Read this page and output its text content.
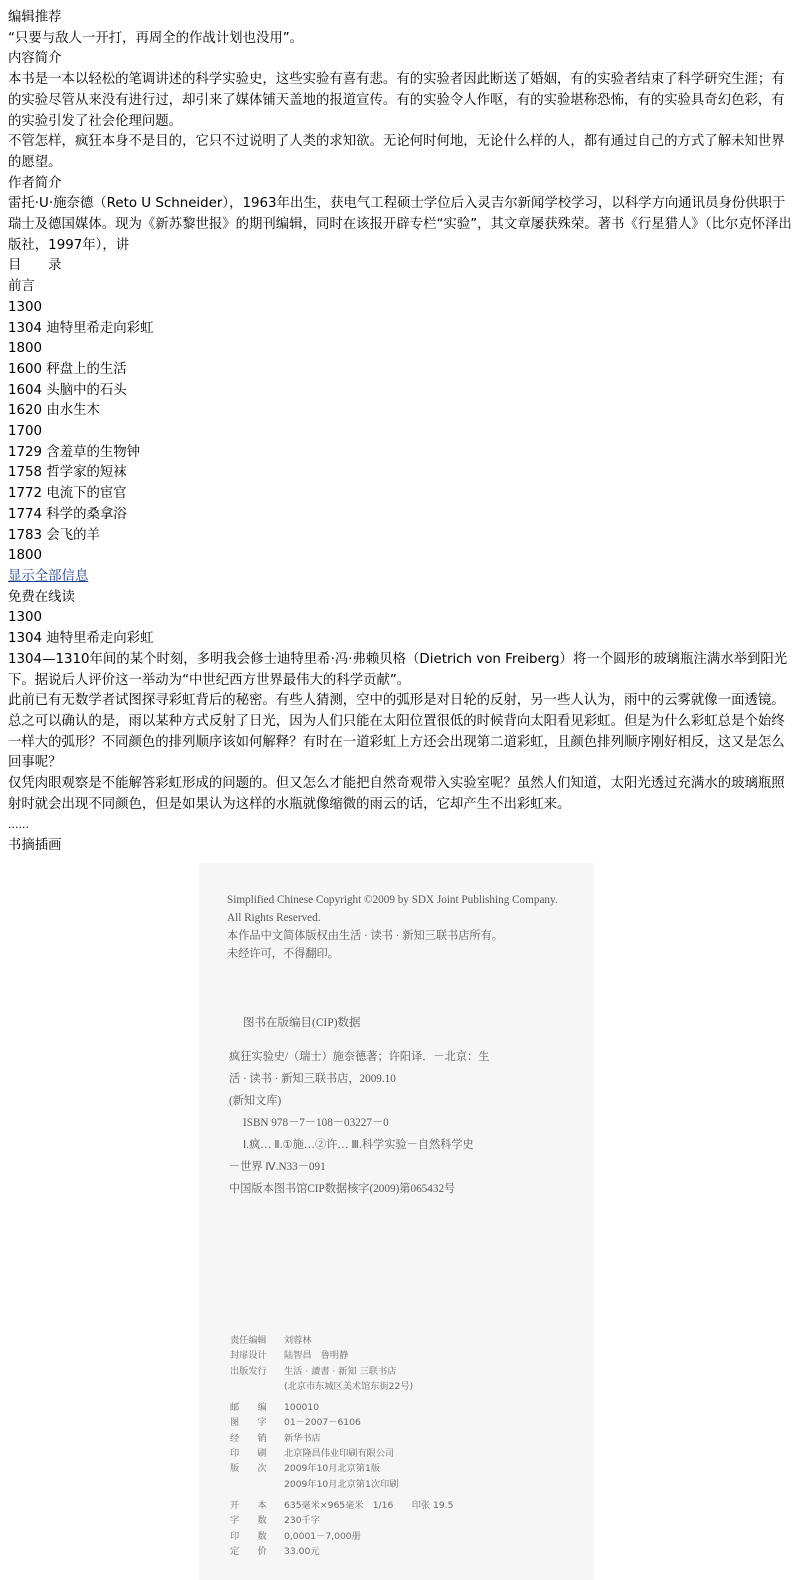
编辑推荐
“只要与敌人一开打，再周全的作战计划也没用”。
内容简介
本书是一本以轻松的笔调讲述的科学实验史，这些实验有喜有悲。有的实验者因此断送了婚姻，有的实验者结束了科学研究生涯；有的实验尽管从来没有进行过，却引来了媒体铺天盖地的报道宣传。有的实验令人作呕，有的实验堪称恐怖，有的实验具奇幻色彩，有的实验引发了社会伦理问题。
不管怎样，疯狂本身不是目的，它只不过说明了人类的求知欲。无论何时何地，无论什么样的人，都有通过自己的方式了解未知世界的愿望。
作者简介
雷托·U·施奈德（Reto U Schneider），1963年出生，获电气工程硕士学位后入灵吉尔新闻学校学习，以科学方向通讯员身份供职于瑞士及德国媒体。现为《新苏黎世报》的期刊编辑，同时在该报开辟专栏“实验”，其文章屡获殊荣。著书《行星猎人》（比尔克怀泽出版社，1997年），讲
目　　录
前言
1300
1304 迪特里希走向彩虹
1800
1600 秤盘上的生活
1604 头脑中的石头
1620 由水生木
1700
1729 含羞草的生物钟
1758 哲学家的短袜
1772 电流下的宦官
1774 科学的桑拿浴
1783 会飞的羊
1800
显示全部信息
免费在线读
1300
1304 迪特里希走向彩虹
1304—1310年间的某个时刻，多明我会修士迪特里希·冯·弗赖贝格（Dietrich von Freiberg）将一个圆形的玻璃瓶注满水举到阳光下。据说后人评价这一举动为“中世纪西方世界最伟大的科学贡献”。
此前已有无数学者试图探寻彩虹背后的秘密。有些人猜测，空中的弧形是对日轮的反射，另一些人认为，雨中的云雾就像一面透镜。总之可以确认的是，雨以某种方式反射了日光，因为人们只能在太阳位置很低的时候背向太阳看见彩虹。但是为什么彩虹总是个始终一样大的弧形？不同颜色的排列顺序该如何解释？有时在一道彩虹上方还会出现第二道彩虹，且颜色排列顺序刚好相反，这又是怎么回事呢？
仅凭肉眼观察是不能解答彩虹形成的问题的。但又怎么才能把自然奇观带入实验室呢？虽然人们知道，太阳光透过充满水的玻璃瓶照射时就会出现不同颜色，但是如果认为这样的水瓶就像缩微的雨云的话，它却产生不出彩虹来。
......
书摘插画
Simplified Chinese Copyright ©2009 by SDX Joint Publishing Company.
All Rights Reserved.
本作品中文简体版权由生活 · 读书 · 新知三联书店所有。
未经许可，不得翻印。
图书在版编目(CIP)数据
疯狂实验史/（瑞士）施奈德著；许阳译．－北京：生
活 · 读书 · 新知三联书店，2009.10
(新知文库)
ISBN 978－7－108－03227－0
Ⅰ.疯… Ⅱ.①施…②许… Ⅲ.科学实验－自然科学史
－世界 Ⅳ.N33－091
中国版本图书馆CIP数据核字(2009)第065432号
责任编辑	刘蓉林
封扉设计	陆智昌　鲁明静
出版发行	生活 · 讀書 · 新知 三联书店
(北京市东城区美术馆东街22号)
邮　　编	100010
图　　字	01－2007－6106
经　　销	新华书店
印　　刷	北京隆昌伟业印刷有限公司
版　　次	2009年10月北京第1版
2009年10月北京第1次印刷
开　　本	635毫米×965毫米　1/16　　印张 19.5
字　　数	230千字
印　　数	0,0001－7,000册
定　　价	33.00元
